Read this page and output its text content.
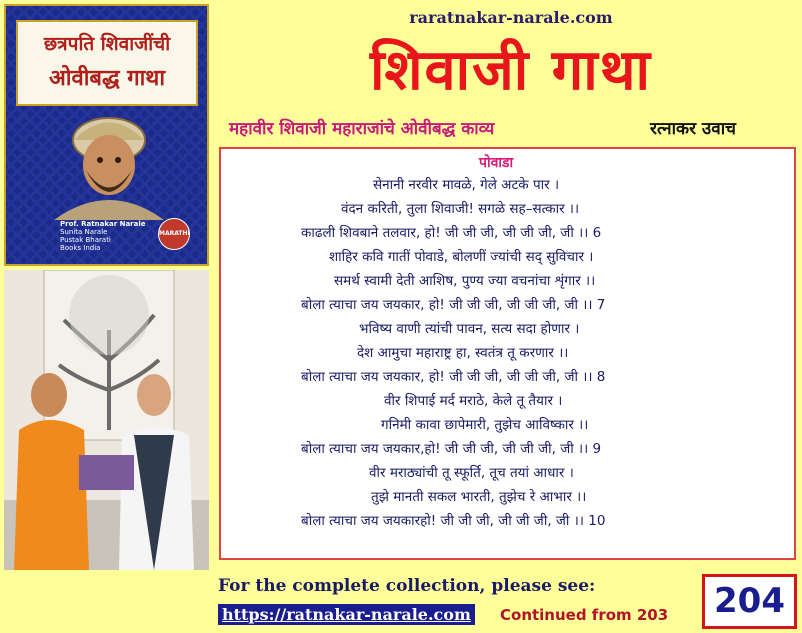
छत्रपति शिवाजींची
ओवीबद्ध गाथा
Prof. Ratnakar Narale
Sunita Narale
Pustak Bharati
Books India
MARATHI
raratnakar-narale.com
शिवाजी गाथा
महावीर शिवाजी महाराजांचे ओवीबद्ध काव्य	रत्नाकर उवाच
पोवाडा
सेनानी नरवीर मावळे, गेले अटके पार ।
वंदन करिती, तुला शिवाजी! सगळे सह–सत्कार ।।
काढली शिवबाने तलवार, हो! जी जी जी, जी जी जी, जी ।। 6
शाहिर कवि गातीं पोवाडे, बोलणीं ज्यांची सद् सुविचार ।
समर्थ स्वामी देती आशिष, पुण्य ज्या वचनांचा शृंगार ।।
बोला त्याचा जय जयकार, हो! जी जी जी, जी जी जी, जी ।। 7
भविष्य वाणी त्यांची पावन, सत्य सदा होणार ।
देश आमुचा महाराष्ट्र हा, स्वतंत्र तू करणार ।।
बोला त्याचा जय जयकार, हो! जी जी जी, जी जी जी, जी ।। 8
वीर शिपाई मर्द मराठे, केले तू तैयार ।
गनिमी कावा छापेमारी, तुझेच आविष्कार ।।
बोला त्याचा जय जयकार,हो! जी जी जी, जी जी जी, जी ।। 9
वीर मराठ्यांची तू स्फूर्ति, तूच तयां आधार ।
तुझे मानती सकल भारती, तुझेच रे आभार ।।
बोला त्याचा जय जयकारहो! जी जी जी, जी जी जी, जी ।। 10
For the complete collection, please see:
https://ratnakar-narale.com Continued from 203	204
